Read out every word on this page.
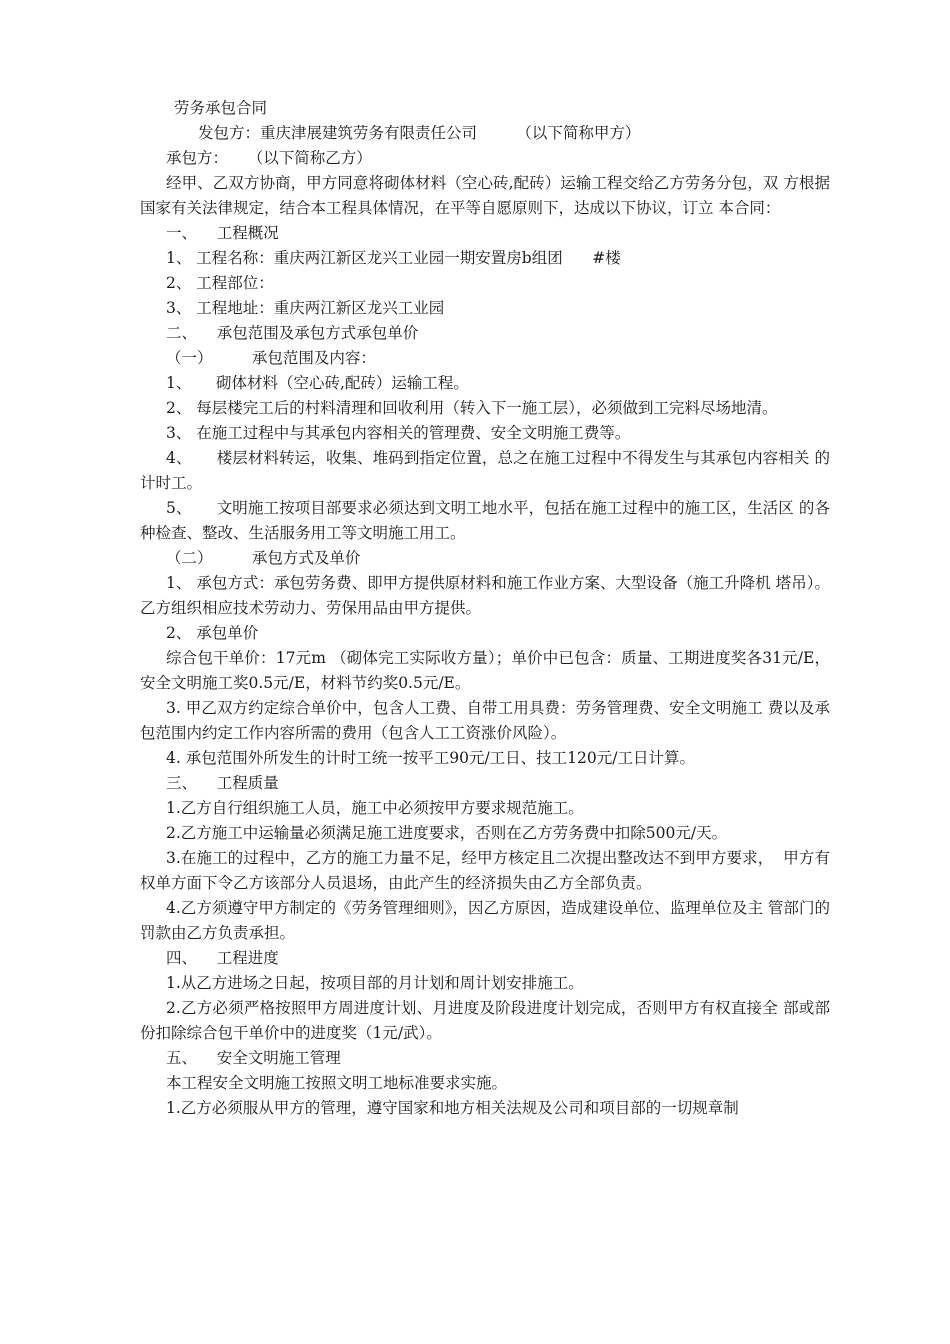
劳务承包合同

发包方：重庆津展建筑劳务有限责任公司        （以下简称甲方）

承包方：    （以下简称乙方）

经甲、乙双方协商，甲方同意将砌体材料（空心砖,配砖）运输工程交给乙方劳务分包，双 方根据国家有关法律规定，结合本工程具体情况，在平等自愿原则下，达成以下协议，订立 本合同：

一、    工程概况

1、 工程名称：重庆两江新区龙兴工业园一期安置房b组团      #楼

2、 工程部位：

3、 工程地址：重庆两江新区龙兴工业园

二、    承包范围及承包方式承包单价

（一）        承包范围及内容：

1、     砌体材料（空心砖,配砖）运输工程。

2、 每层楼完工后的村料清理和回收利用（转入下一施工层），必须做到工完料尽场地清。

3、 在施工过程中与其承包内容相关的管理费、安全文明施工费等。

4、     楼层材料转运，收集、堆码到指定位置，总之在施工过程中不得发生与其承包内容相关 的计时工。

5、     文明施工按项目部要求必须达到文明工地水平，包括在施工过程中的施工区，生活区 的各种检查、整改、生活服务用工等文明施工用工。

（二）        承包方式及单价

1、 承包方式：承包劳务费、即甲方提供原材料和施工作业方案、大型设备（施工升降机 塔吊）。乙方组织相应技术劳动力、劳保用品由甲方提供。

2、 承包单价

综合包干单价：17元m （砌体完工实际收方量）；单价中已包含：质量、工期进度奖各31元/E，安全文明施工奖0.5元/E，材料节约奖0.5元/E。

3. 甲乙双方约定综合单价中，包含人工费、自带工用具费：劳务管理费、安全文明施工 费以及承包范围内约定工作内容所需的费用（包含人工工资涨价风险）。

4. 承包范围外所发生的计时工统一按平工90元/工日、技工120元/工日计算。

三、    工程质量

1.乙方自行组织施工人员，施工中必须按甲方要求规范施工。

2.乙方施工中运输量必须满足施工进度要求，否则在乙方劳务费中扣除500元/天。

3.在施工的过程中，乙方的施工力量不足，经甲方核定且二次提出整改达不到甲方要求，  甲方有权单方面下令乙方该部分人员退场，由此产生的经济损失由乙方全部负责。

4.乙方须遵守甲方制定的《劳务管理细则》，因乙方原因，造成建设单位、监理单位及主 管部门的罚款由乙方负责承担。

四、    工程进度

1.从乙方进场之日起，按项目部的月计划和周计划安排施工。

2.乙方必须严格按照甲方周进度计划、月进度及阶段进度计划完成，否则甲方有权直接全 部或部份扣除综合包干单价中的进度奖（1元/武）。

五、    安全文明施工管理

本工程安全文明施工按照文明工地标准要求实施。

1.乙方必须服从甲方的管理，遵守国家和地方相关法规及公司和项目部的一切规章制
